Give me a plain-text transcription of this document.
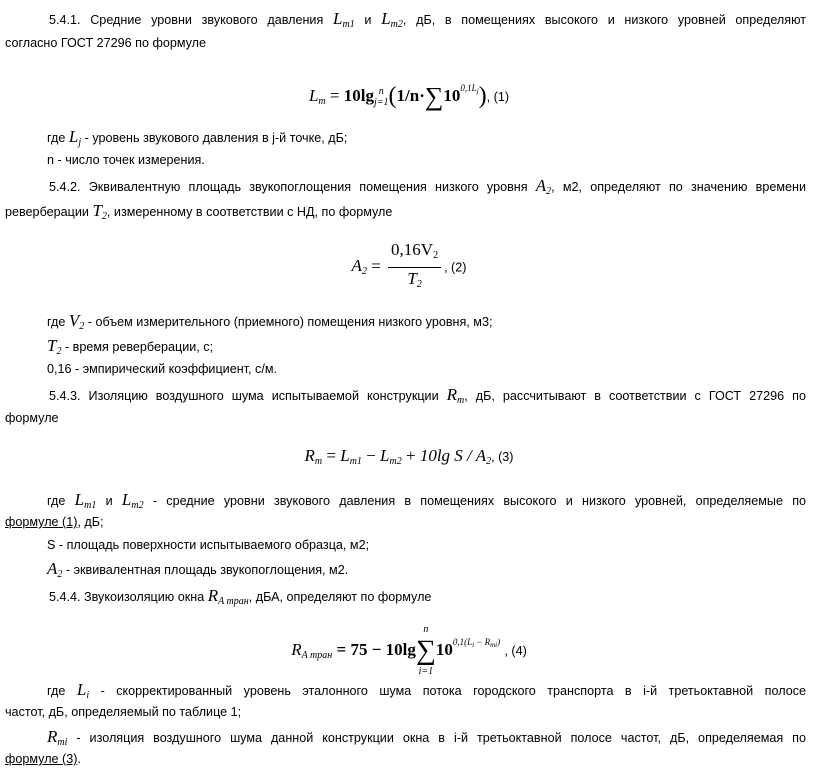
5.4.1. Средние уровни звукового давления $L_{m1}$ и $L_{m2}$, дБ, в помещениях высокого и низкого уровней определяют

согласно ГОСТ 27296 по формуле

$L_m = 10\lg$ n
j=1 $(1/n\cdot\sum 10^{0,1L_j})$, (1)

где $L_j$ - уровень звукового давления в j-й точке, дБ;

n - число точек измерения.

5.4.2. Эквивалентную площадь звукопоглощения помещения низкого уровня A2, м2, определяют по значению времени

реверберации T2, измеренному в соответствии с НД, по формуле

$A2 = \frac{0,16V2}{T2}$ , (2)

где V2 - объем измерительного (приемного) помещения низкого уровня, м3;

T2 - время реверберации, с;

0,16 - эмпирический коэффициент, с/м.

5.4.3. Изоляцию воздушного шума испытываемой конструкции $R_m$, дБ, рассчитывают в соответствии с ГОСТ 27296 по

формуле

$R_m = L_{m1} - L_{m2} + 10\lg$ S / A2, (3)

где $L_{m1}$ и $L_{m2}$ - средние уровни звукового давления в помещениях высокого и низкого уровней, определяемые по

формуле (1), дБ;

S - площадь поверхности испытываемого образца, м2;

A2 - эквивалентная площадь звукопоглощения, м2.

5.4.4. Звукоизоляцию окна $R_{A тран}$, дБА, определяют по формуле

$R_{A тран} = 75 - 10\lg$
n
∑
i=1
$10^{0,1(L_i - R_{mi})}$ , (4)

где $L_i$ - скорректированный уровень эталонного шума потока городского транспорта в i-й третьоктавной полосе

частот, дБ, определяемый по таблице 1;

$R_{mi}$ - изоляция воздушного шума данной конструкции окна в i-й третьоктавной полосе частот, дБ, определяемая по

формуле (3).
